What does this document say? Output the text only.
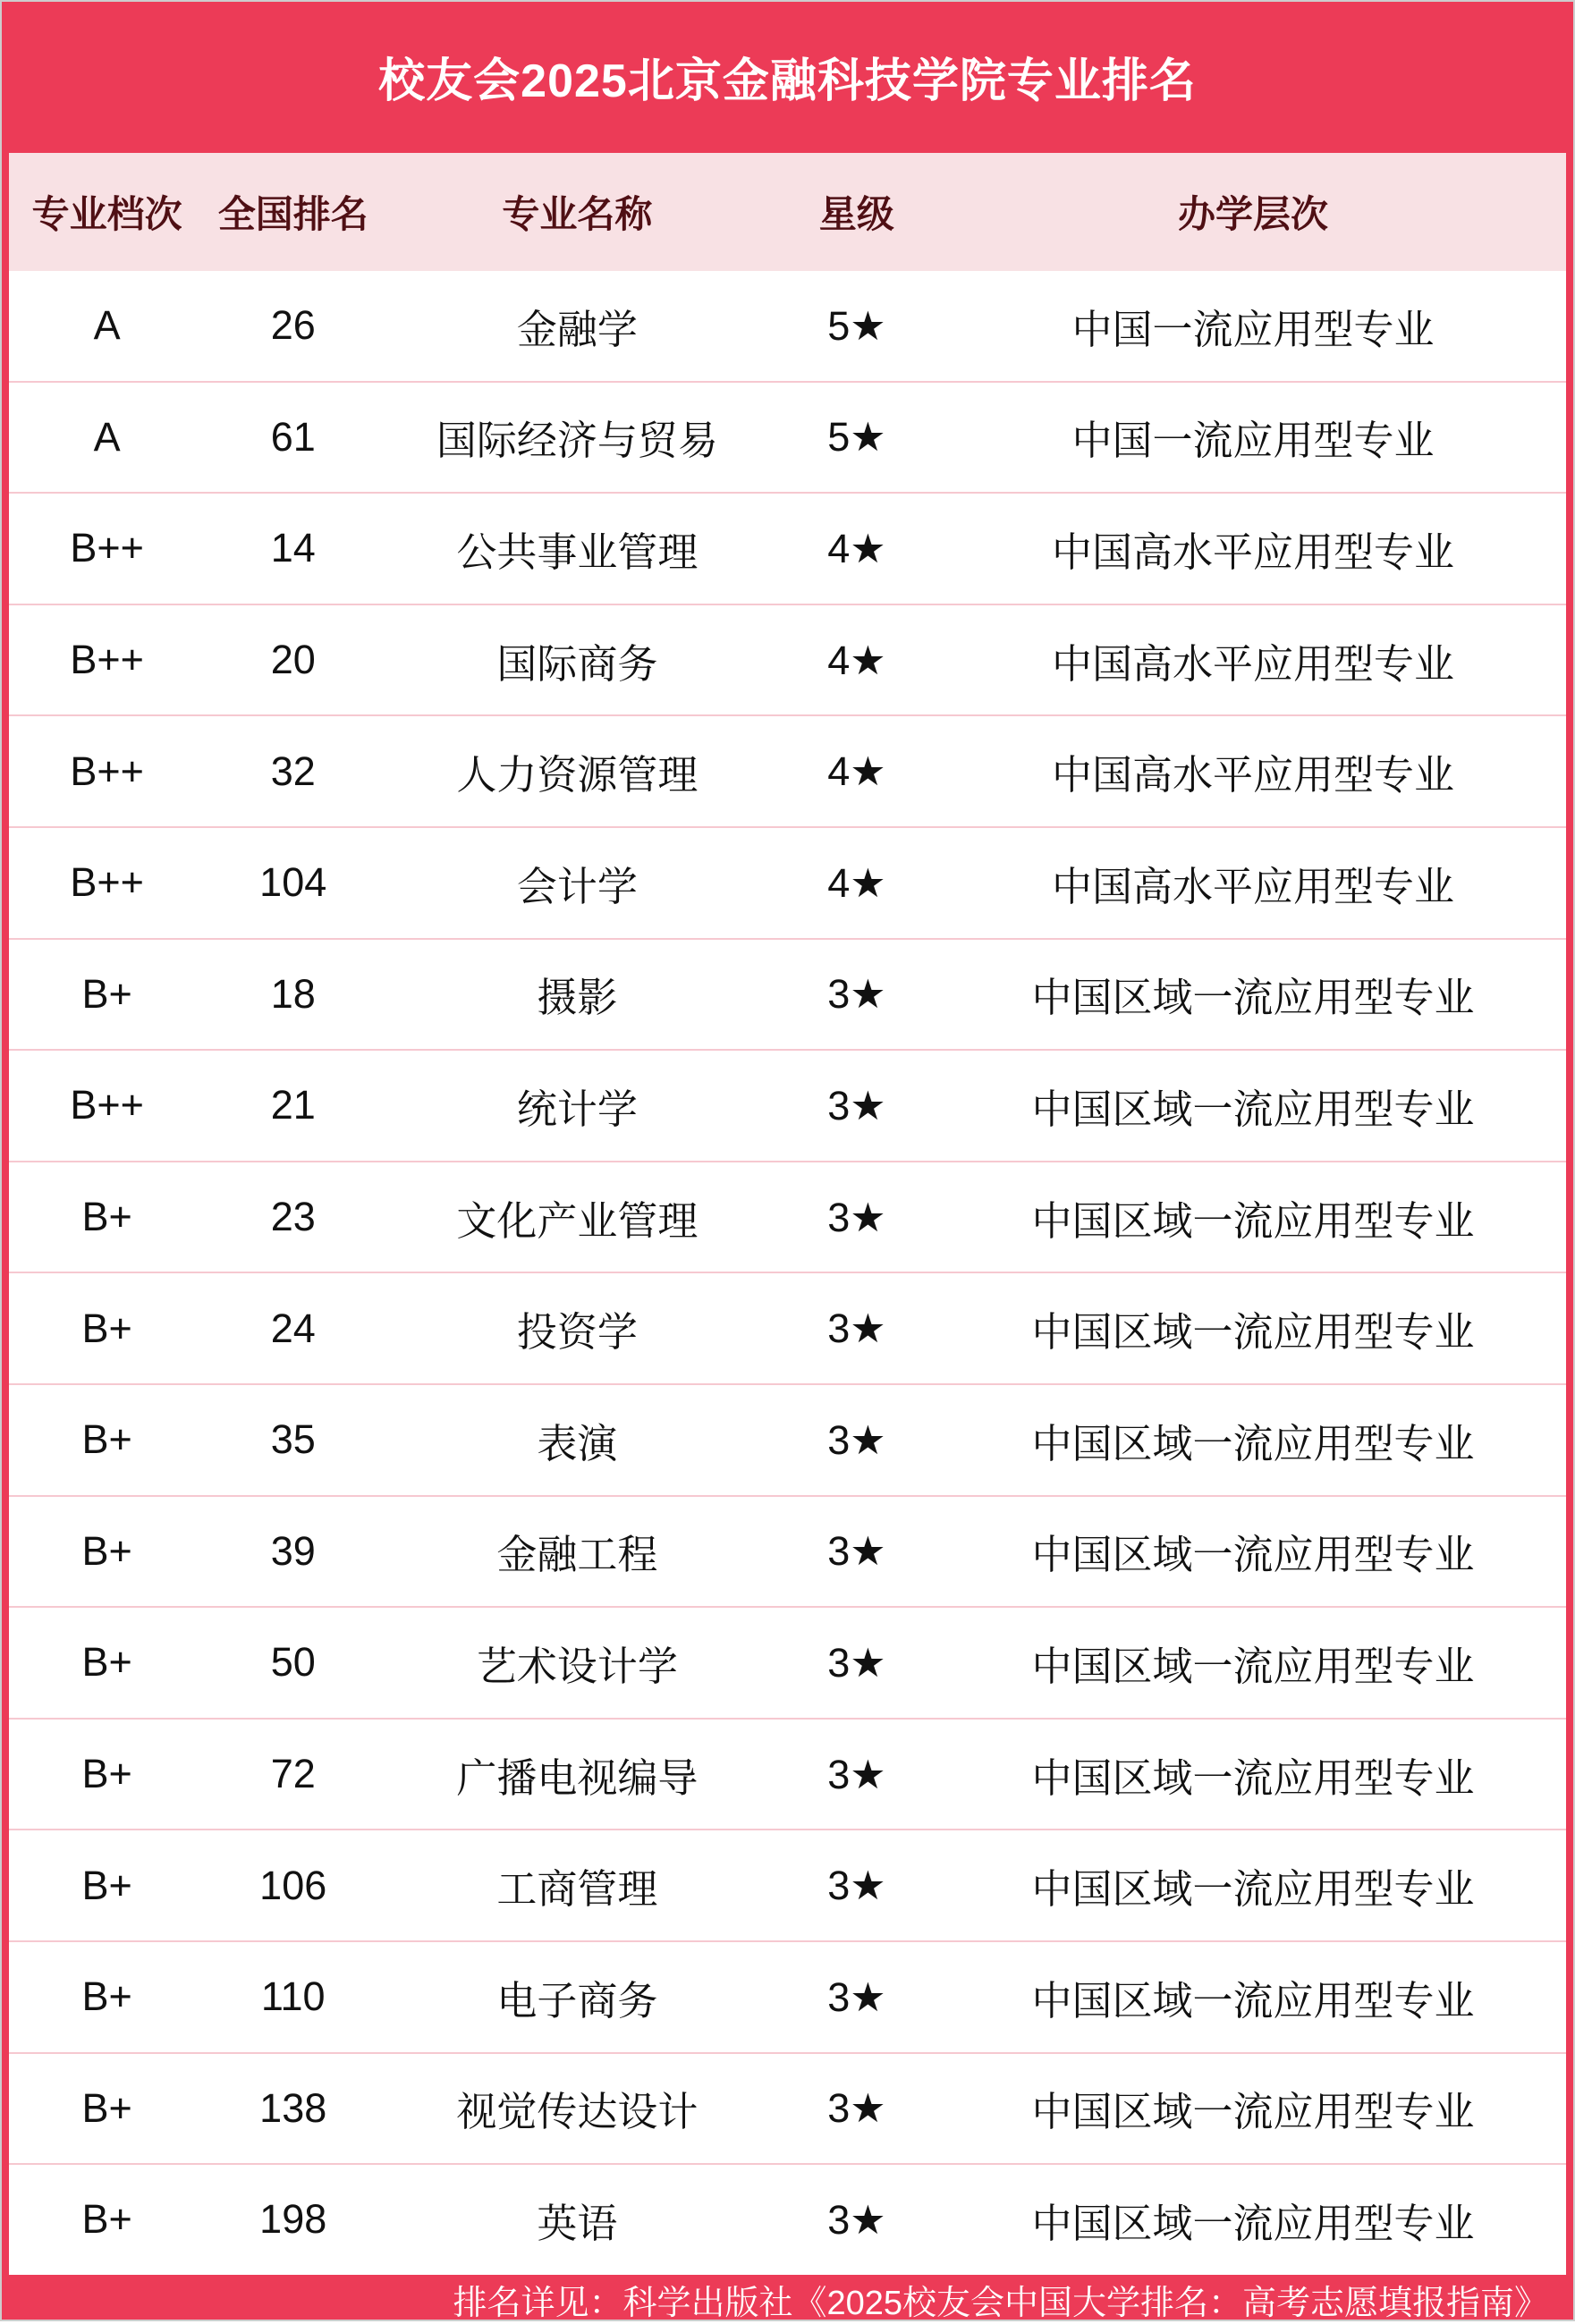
校友会2025北京金融科技学院专业排名
专业档次	全国排名	专业名称	星级	办学层次
A	26	金融学	5★	中国一流应用型专业
A	61	国际经济与贸易	5★	中国一流应用型专业
B++	14	公共事业管理	4★	中国高水平应用型专业
B++	20	国际商务	4★	中国高水平应用型专业
B++	32	人力资源管理	4★	中国高水平应用型专业
B++	104	会计学	4★	中国高水平应用型专业
B+	18	摄影	3★	中国区域一流应用型专业
B++	21	统计学	3★	中国区域一流应用型专业
B+	23	文化产业管理	3★	中国区域一流应用型专业
B+	24	投资学	3★	中国区域一流应用型专业
B+	35	表演	3★	中国区域一流应用型专业
B+	39	金融工程	3★	中国区域一流应用型专业
B+	50	艺术设计学	3★	中国区域一流应用型专业
B+	72	广播电视编导	3★	中国区域一流应用型专业
B+	106	工商管理	3★	中国区域一流应用型专业
B+	110	电子商务	3★	中国区域一流应用型专业
B+	138	视觉传达设计	3★	中国区域一流应用型专业
B+	198	英语	3★	中国区域一流应用型专业
排名详见：科学出版社《2025校友会中国大学排名：高考志愿填报指南》
